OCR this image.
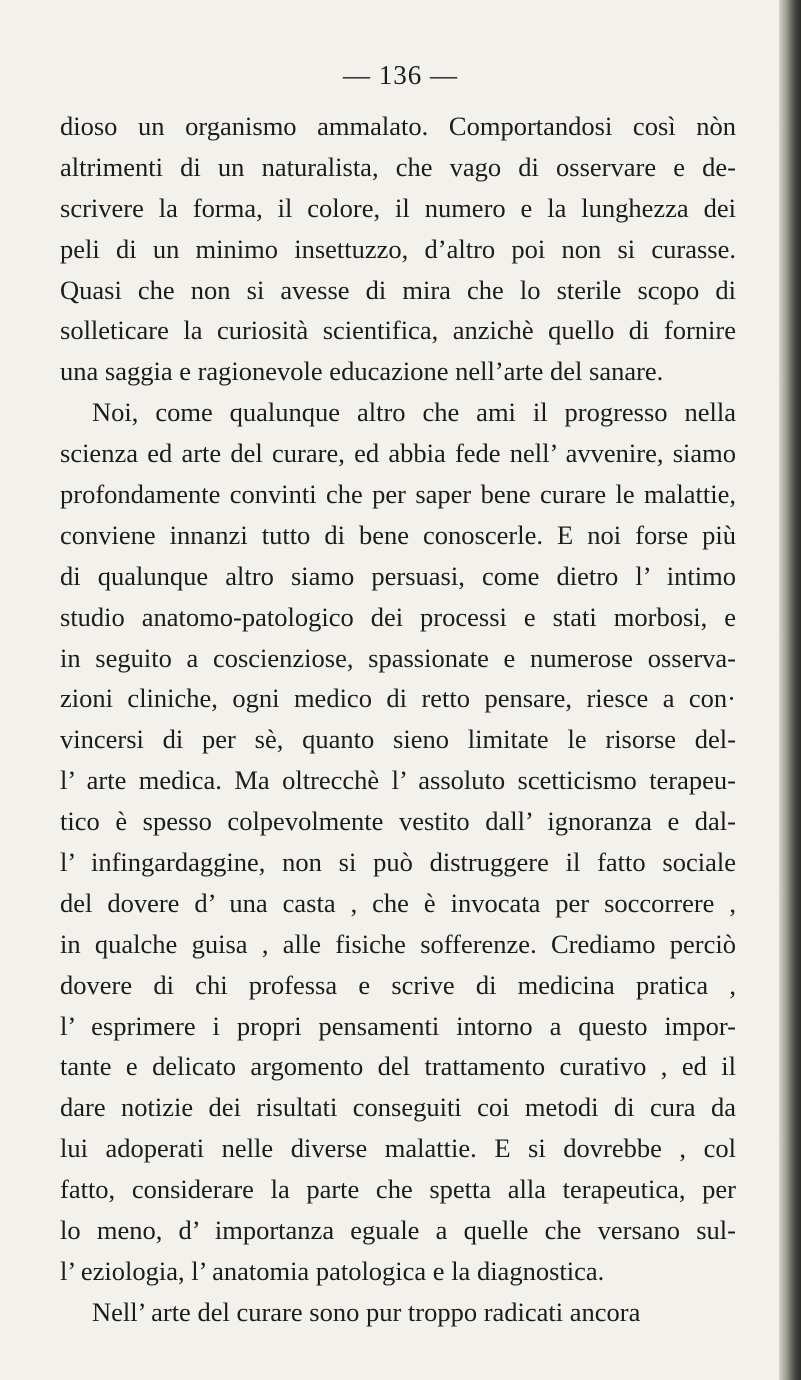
— 136 —

dioso un organismo ammalato. Comportandosi così nòn
altrimenti di un naturalista, che vago di osservare e de-
scrivere la forma, il colore, il numero e la lunghezza dei
peli di un minimo insettuzzo, d’altro poi non si curasse.
Quasi che non si avesse di mira che lo sterile scopo di
solleticare la curiosità scientifica, anzichè quello di fornire
una saggia e ragionevole educazione nell’arte del sanare.
Noi, come qualunque altro che ami il progresso nella
scienza ed arte del curare, ed abbia fede nell’ avvenire, siamo
profondamente convinti che per saper bene curare le malattie,
conviene innanzi tutto di bene conoscerle. E noi forse più
di qualunque altro siamo persuasi, come dietro l’ intimo
studio anatomo-patologico dei processi e stati morbosi, e
in seguito a coscienziose, spassionate e numerose osserva-
zioni cliniche, ogni medico di retto pensare, riesce a con·
vincersi di per sè, quanto sieno limitate le risorse del-
l’ arte medica. Ma oltrecchè l’ assoluto scetticismo terapeu-
tico è spesso colpevolmente vestito dall’ ignoranza e dal-
l’ infingardaggine, non si può distruggere il fatto sociale
del dovere d’ una casta , che è invocata per soccorrere ,
in qualche guisa , alle fisiche sofferenze. Crediamo perciò
dovere di chi professa e scrive di medicina pratica ,
l’ esprimere i propri pensamenti intorno a questo impor-
tante e delicato argomento del trattamento curativo , ed il
dare notizie dei risultati conseguiti coi metodi di cura da
lui adoperati nelle diverse malattie. E si dovrebbe , col
fatto, considerare la parte che spetta alla terapeutica, per
lo meno, d’ importanza eguale a quelle che versano sul-
l’ eziologia, l’ anatomia patologica e la diagnostica.
Nell’ arte del curare sono pur troppo radicati ancora
